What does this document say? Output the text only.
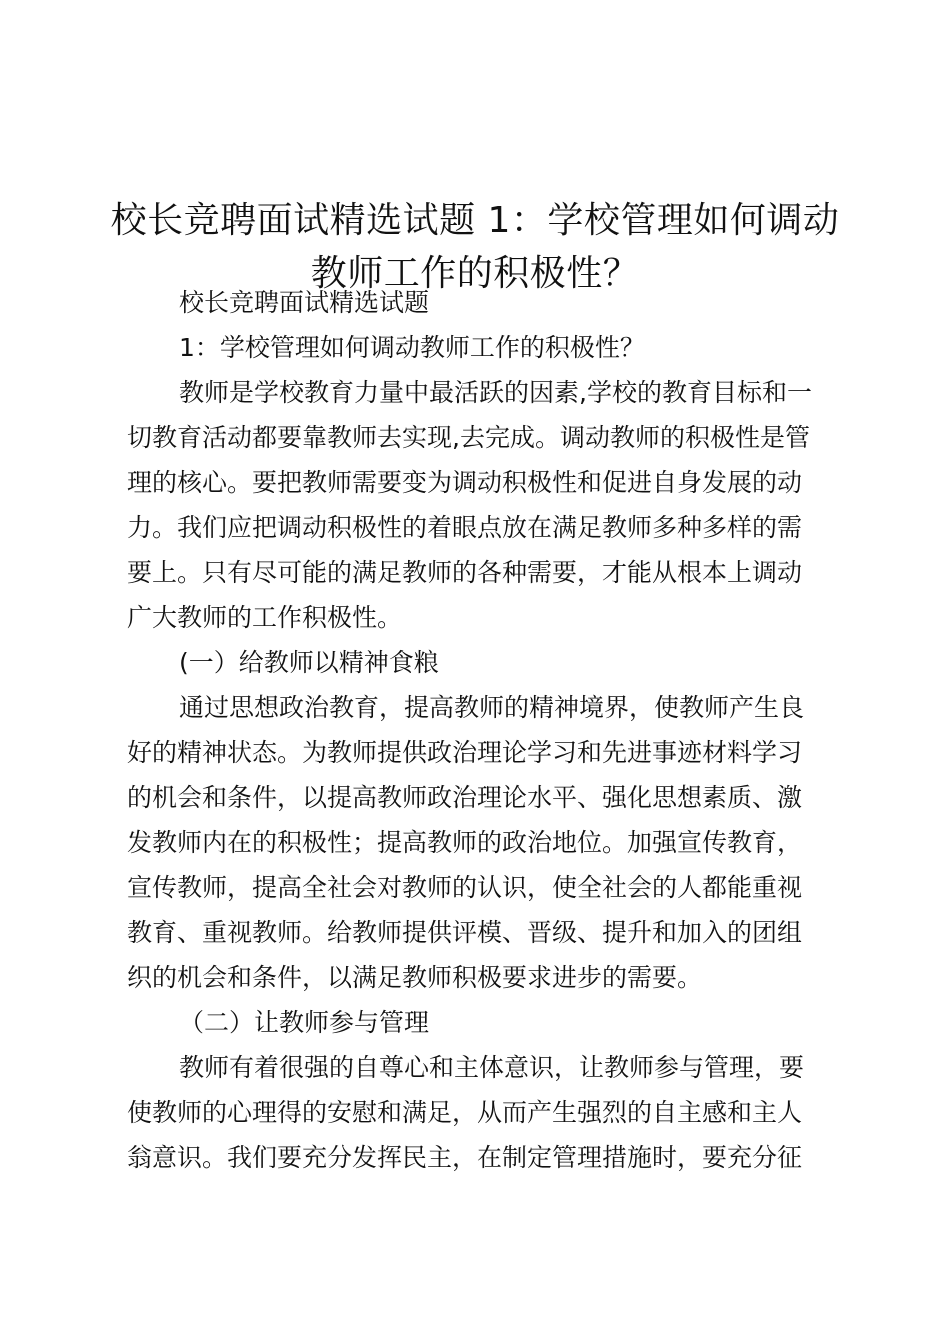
校长竞聘面试精选试题 1：学校管理如何调动
教师工作的积极性？

校长竞聘面试精选试题

1：学校管理如何调动教师工作的积极性？

教师是学校教育力量中最活跃的因素,学校的教育目标和一
切教育活动都要靠教师去实现,去完成。调动教师的积极性是管
理的核心。要把教师需要变为调动积极性和促进自身发展的动
力。我们应把调动积极性的着眼点放在满足教师多种多样的需
要上。只有尽可能的满足教师的各种需要，才能从根本上调动
广大教师的工作积极性。

(一）给教师以精神食粮

通过思想政治教育，提高教师的精神境界，使教师产生良
好的精神状态。为教师提供政治理论学习和先进事迹材料学习
的机会和条件，以提高教师政治理论水平、强化思想素质、激
发教师内在的积极性；提高教师的政治地位。加强宣传教育，
宣传教师，提高全社会对教师的认识，使全社会的人都能重视
教育、重视教师。给教师提供评模、晋级、提升和加入的团组
织的机会和条件，以满足教师积极要求进步的需要。

（二）让教师参与管理

教师有着很强的自尊心和主体意识，让教师参与管理，要
使教师的心理得的安慰和满足，从而产生强烈的自主感和主人
翁意识。我们要充分发挥民主，在制定管理措施时，要充分征
